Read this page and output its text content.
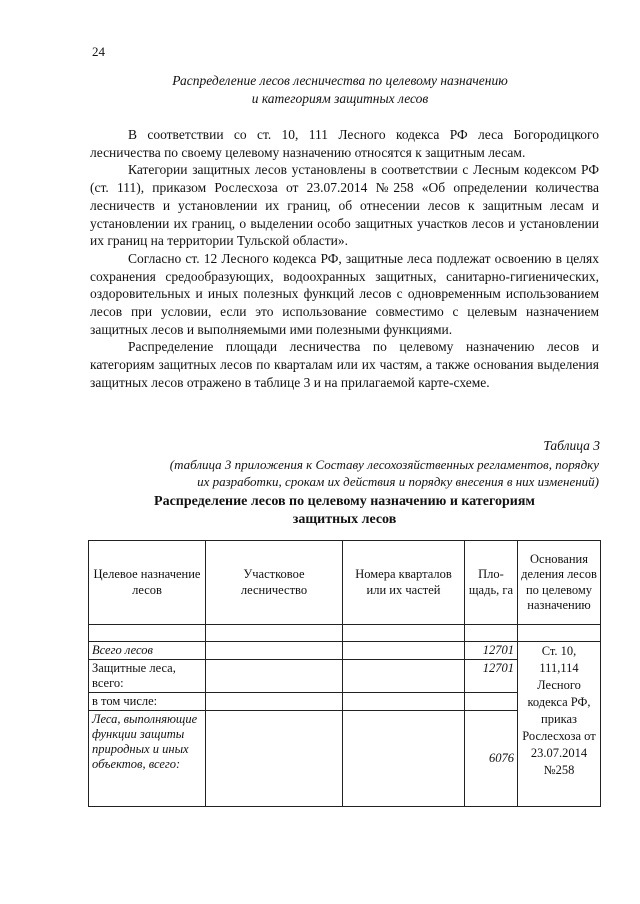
24
Распределение лесов лесничества по целевому назначению
и категориям защитных лесов

В соответствии со ст. 10, 111 Лесного кодекса РФ леса Богородицкого лесничества по своему целевому назначению относятся к защитным лесам.

Категории защитных лесов установлены в соответствии с Лесным кодексом РФ (ст. 111), приказом Рослесхоза от 23.07.2014 №258 «Об определении количества лесничеств и установлении их границ, об отнесении лесов к защитным лесам и установлении их границ, о выделении особо защитных участков лесов и установлении их границ на территории Тульской области».

Согласно ст. 12 Лесного кодекса РФ, защитные леса подлежат освоению в целях сохранения средообразующих, водоохранных защитных, санитарно-гигиенических, оздоровительных и иных полезных функций лесов с одновременным использованием лесов при условии, если это использование совместимо с целевым назначением защитных лесов и выполняемыми ими полезными функциями.

Распределение площади лесничества по целевому назначению лесов и категориям защитных лесов по кварталам или их частям, а также основания выделения защитных лесов отражено в таблице 3 и на прилагаемой карте-схеме.

Таблица 3
(таблица 3 приложения к Составу лесохозяйственных регламентов, порядку
их разработки, срокам их действия и порядку внесения в них изменений)
Распределение лесов по целевому назначению и категориям
защитных лесов
Целевое назначение лесов	Участковое лесничество	Номера кварталов или их частей	Пло-щадь, га	Основания деления лесов по целевому назначению

Всего лесов			12701	Ст. 10, 111,114 Лесного кодекса РФ, приказ Рослесхоза от 23.07.2014 №258
Защитные леса, всего:			12701	
в том числе:				
Леса, выполняющие функции защиты природных и иных объектов, всего:			6076	
